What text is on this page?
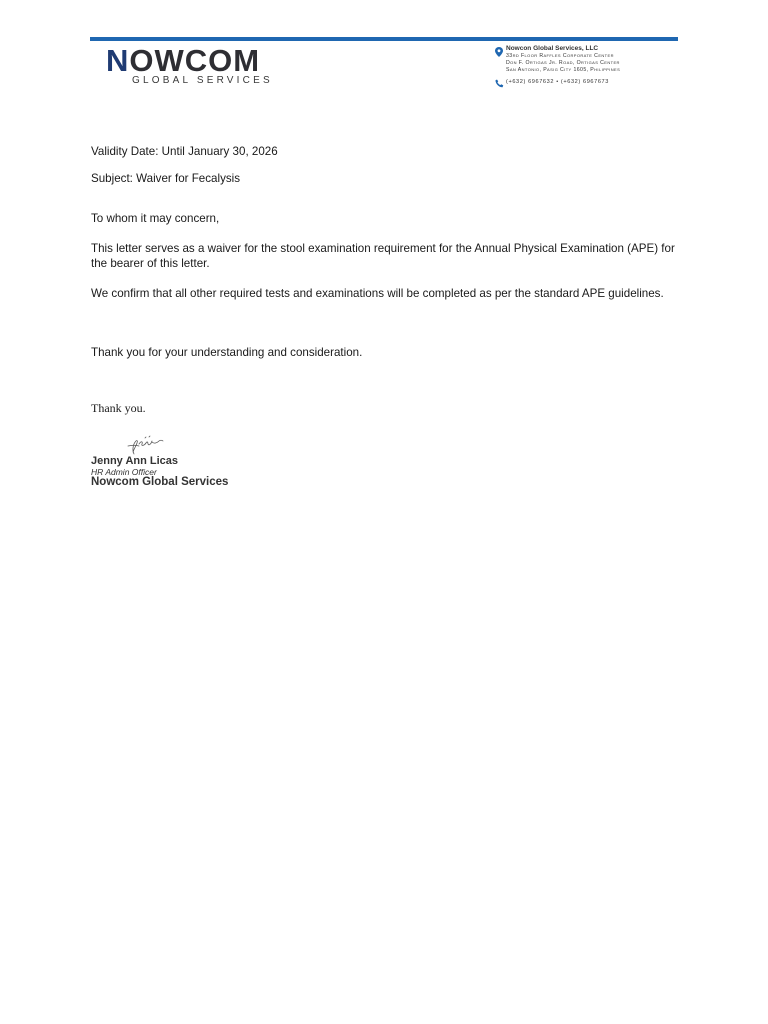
NOWCOM
GLOBAL SERVICES
Nowcon Global Services, LLC
33rd Floor Raffles Corporate Center
Don F. Ortigas Jr. Road, Ortigas Center
San Antonio, Pasig City 1605, Philippines
(+632) 6967632 • (+632) 6967673

Validity Date: Until January 30, 2026

Subject: Waiver for Fecalysis

To whom it may concern,

This letter serves as a waiver for the stool examination requirement for the Annual Physical Examination (APE) for the bearer of this letter.

We confirm that all other required tests and examinations will be completed as per the standard APE guidelines.

Thank you for your understanding and consideration.

Thank you.
Jenny Ann Licas
HR Admin Officer
Nowcom Global Services
